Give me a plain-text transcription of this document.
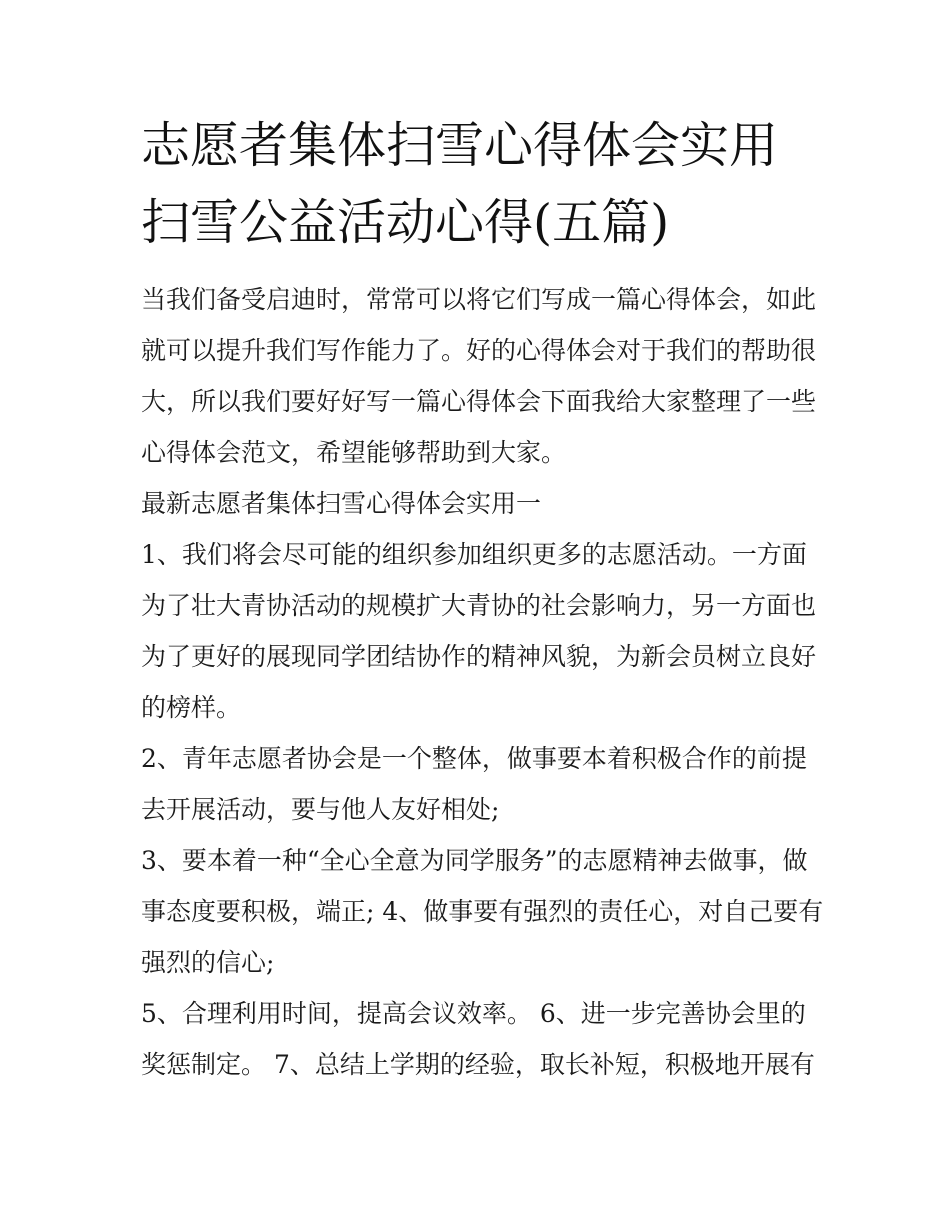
志愿者集体扫雪心得体会实用
扫雪公益活动心得(五篇)
当我们备受启迪时，常常可以将它们写成一篇心得体会，如此
就可以提升我们写作能力了。好的心得体会对于我们的帮助很
大，所以我们要好好写一篇心得体会下面我给大家整理了一些
心得体会范文，希望能够帮助到大家。
最新志愿者集体扫雪心得体会实用一
1、我们将会尽可能的组织参加组织更多的志愿活动。一方面
为了壮大青协活动的规模扩大青协的社会影响力，另一方面也
为了更好的展现同学团结协作的精神风貌，为新会员树立良好
的榜样。
2、青年志愿者协会是一个整体，做事要本着积极合作的前提
去开展活动，要与他人友好相处;
3、要本着一种“全心全意为同学服务”的志愿精神去做事，做
事态度要积极，端正; 4、做事要有强烈的责任心，对自己要有
强烈的信心;
5、合理利用时间，提高会议效率。 6、进一步完善协会里的
奖惩制定。 7、总结上学期的经验，取长补短，积极地开展有
